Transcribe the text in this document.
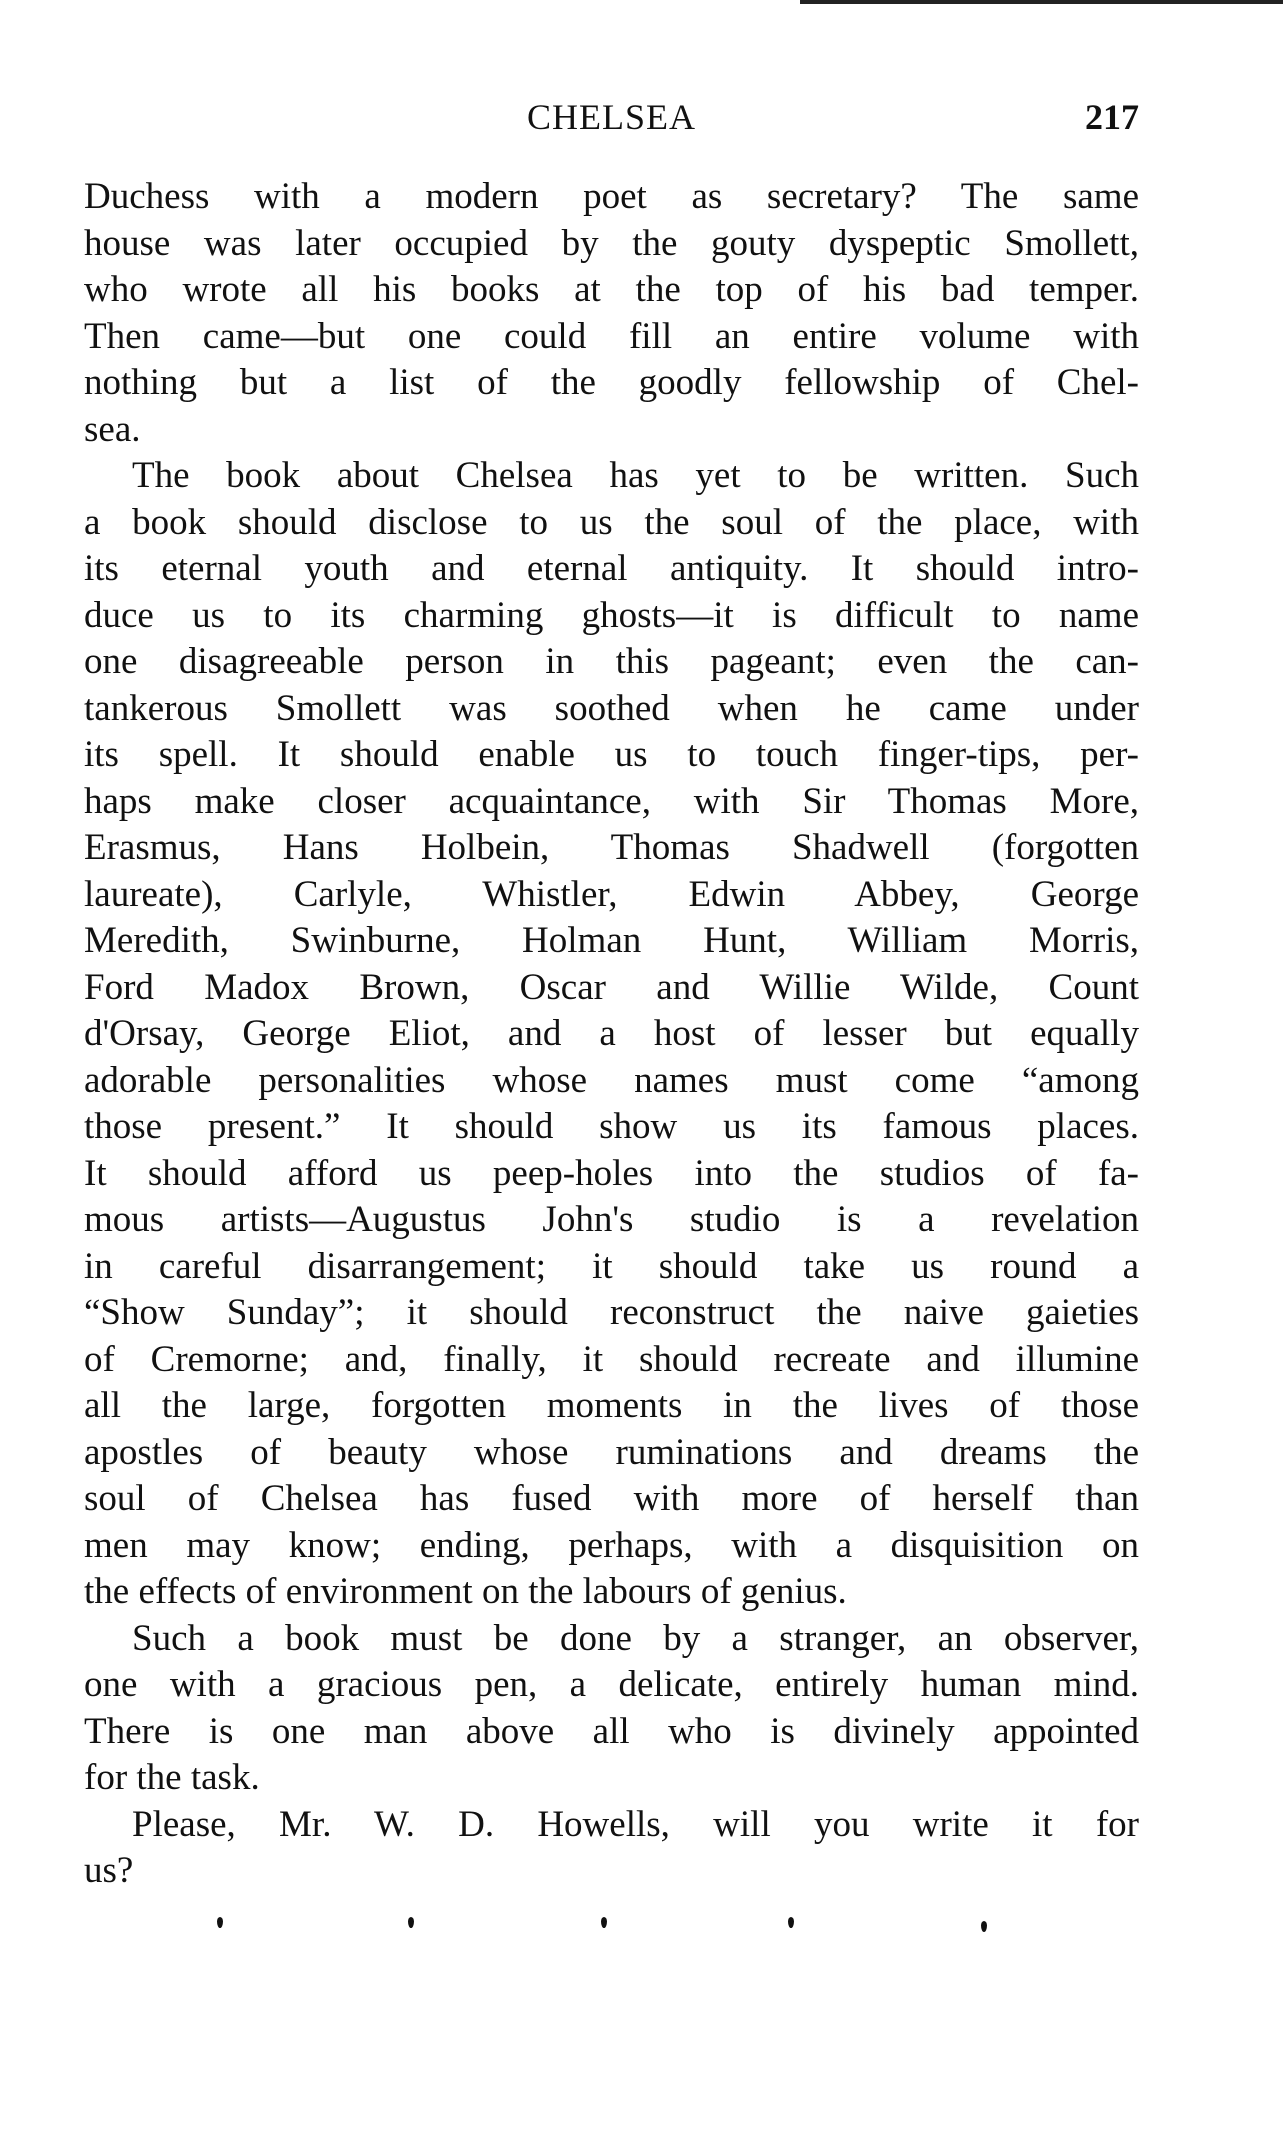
CHELSEA	217
Duchess with a modern poet as secretary? The same
house was later occupied by the gouty dyspeptic Smollett,
who wrote all his books at the top of his bad temper.
Then came—but one could fill an entire volume with
nothing but a list of the goodly fellowship of Chel-
sea.
The book about Chelsea has yet to be written. Such
a book should disclose to us the soul of the place, with
its eternal youth and eternal antiquity. It should intro-
duce us to its charming ghosts—it is difficult to name
one disagreeable person in this pageant; even the can-
tankerous Smollett was soothed when he came under
its spell. It should enable us to touch finger-tips, per-
haps make closer acquaintance, with Sir Thomas More,
Erasmus, Hans Holbein, Thomas Shadwell (forgotten
laureate), Carlyle, Whistler, Edwin Abbey, George
Meredith, Swinburne, Holman Hunt, William Morris,
Ford Madox Brown, Oscar and Willie Wilde, Count
d'Orsay, George Eliot, and a host of lesser but equally
adorable personalities whose names must come “among
those present.” It should show us its famous places.
It should afford us peep-holes into the studios of fa-
mous artists—Augustus John's studio is a revelation
in careful disarrangement; it should take us round a
“Show Sunday”; it should reconstruct the naive gaieties
of Cremorne; and, finally, it should recreate and illumine
all the large, forgotten moments in the lives of those
apostles of beauty whose ruminations and dreams the
soul of Chelsea has fused with more of herself than
men may know; ending, perhaps, with a disquisition on
the effects of environment on the labours of genius.
Such a book must be done by a stranger, an observer,
one with a gracious pen, a delicate, entirely human mind.
There is one man above all who is divinely appointed
for the task.
Please, Mr. W. D. Howells, will you write it for
us?
